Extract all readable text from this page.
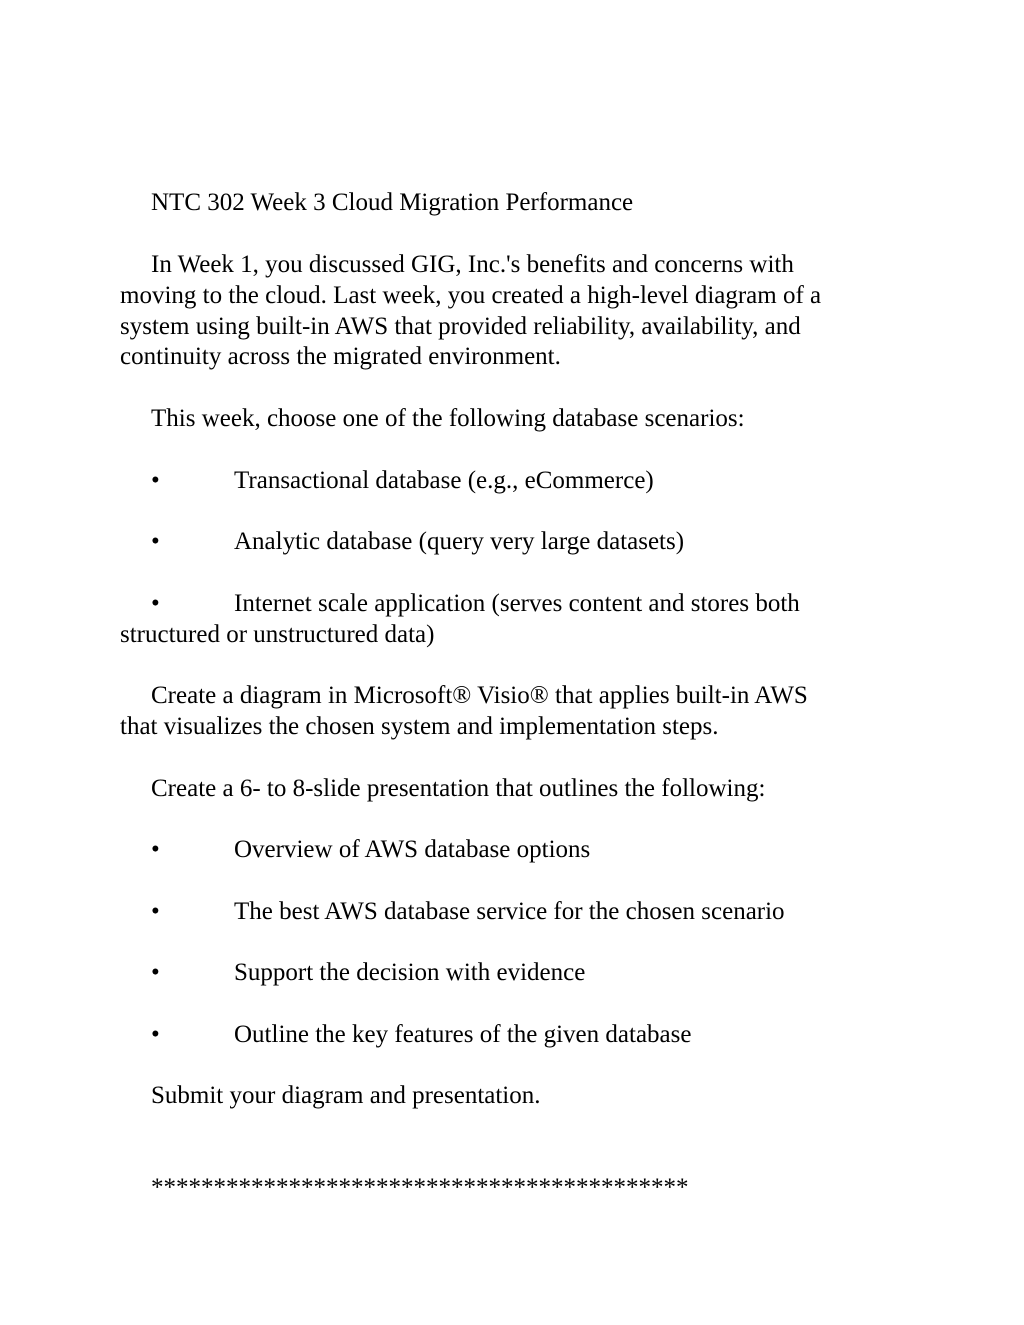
NTC 302 Week 3 Cloud Migration Performance

In Week 1, you discussed GIG, Inc.'s benefits and concerns with

moving to the cloud. Last week, you created a high-level diagram of a

system using built-in AWS that provided reliability, availability, and

continuity across the migrated environment.

This week, choose one of the following database scenarios:

•	Transactional database (e.g., eCommerce)
•	Analytic database (query very large datasets)
•	Internet scale application (serves content and stores both

structured or unstructured data)

Create a diagram in Microsoft® Visio® that applies built-in AWS

that visualizes the chosen system and implementation steps.

Create a 6- to 8-slide presentation that outlines the following:

•	Overview of AWS database options
•	The best AWS database service for the chosen scenario
•	Support the decision with evidence
•	Outline the key features of the given database

Submit your diagram and presentation.

*******************************************
